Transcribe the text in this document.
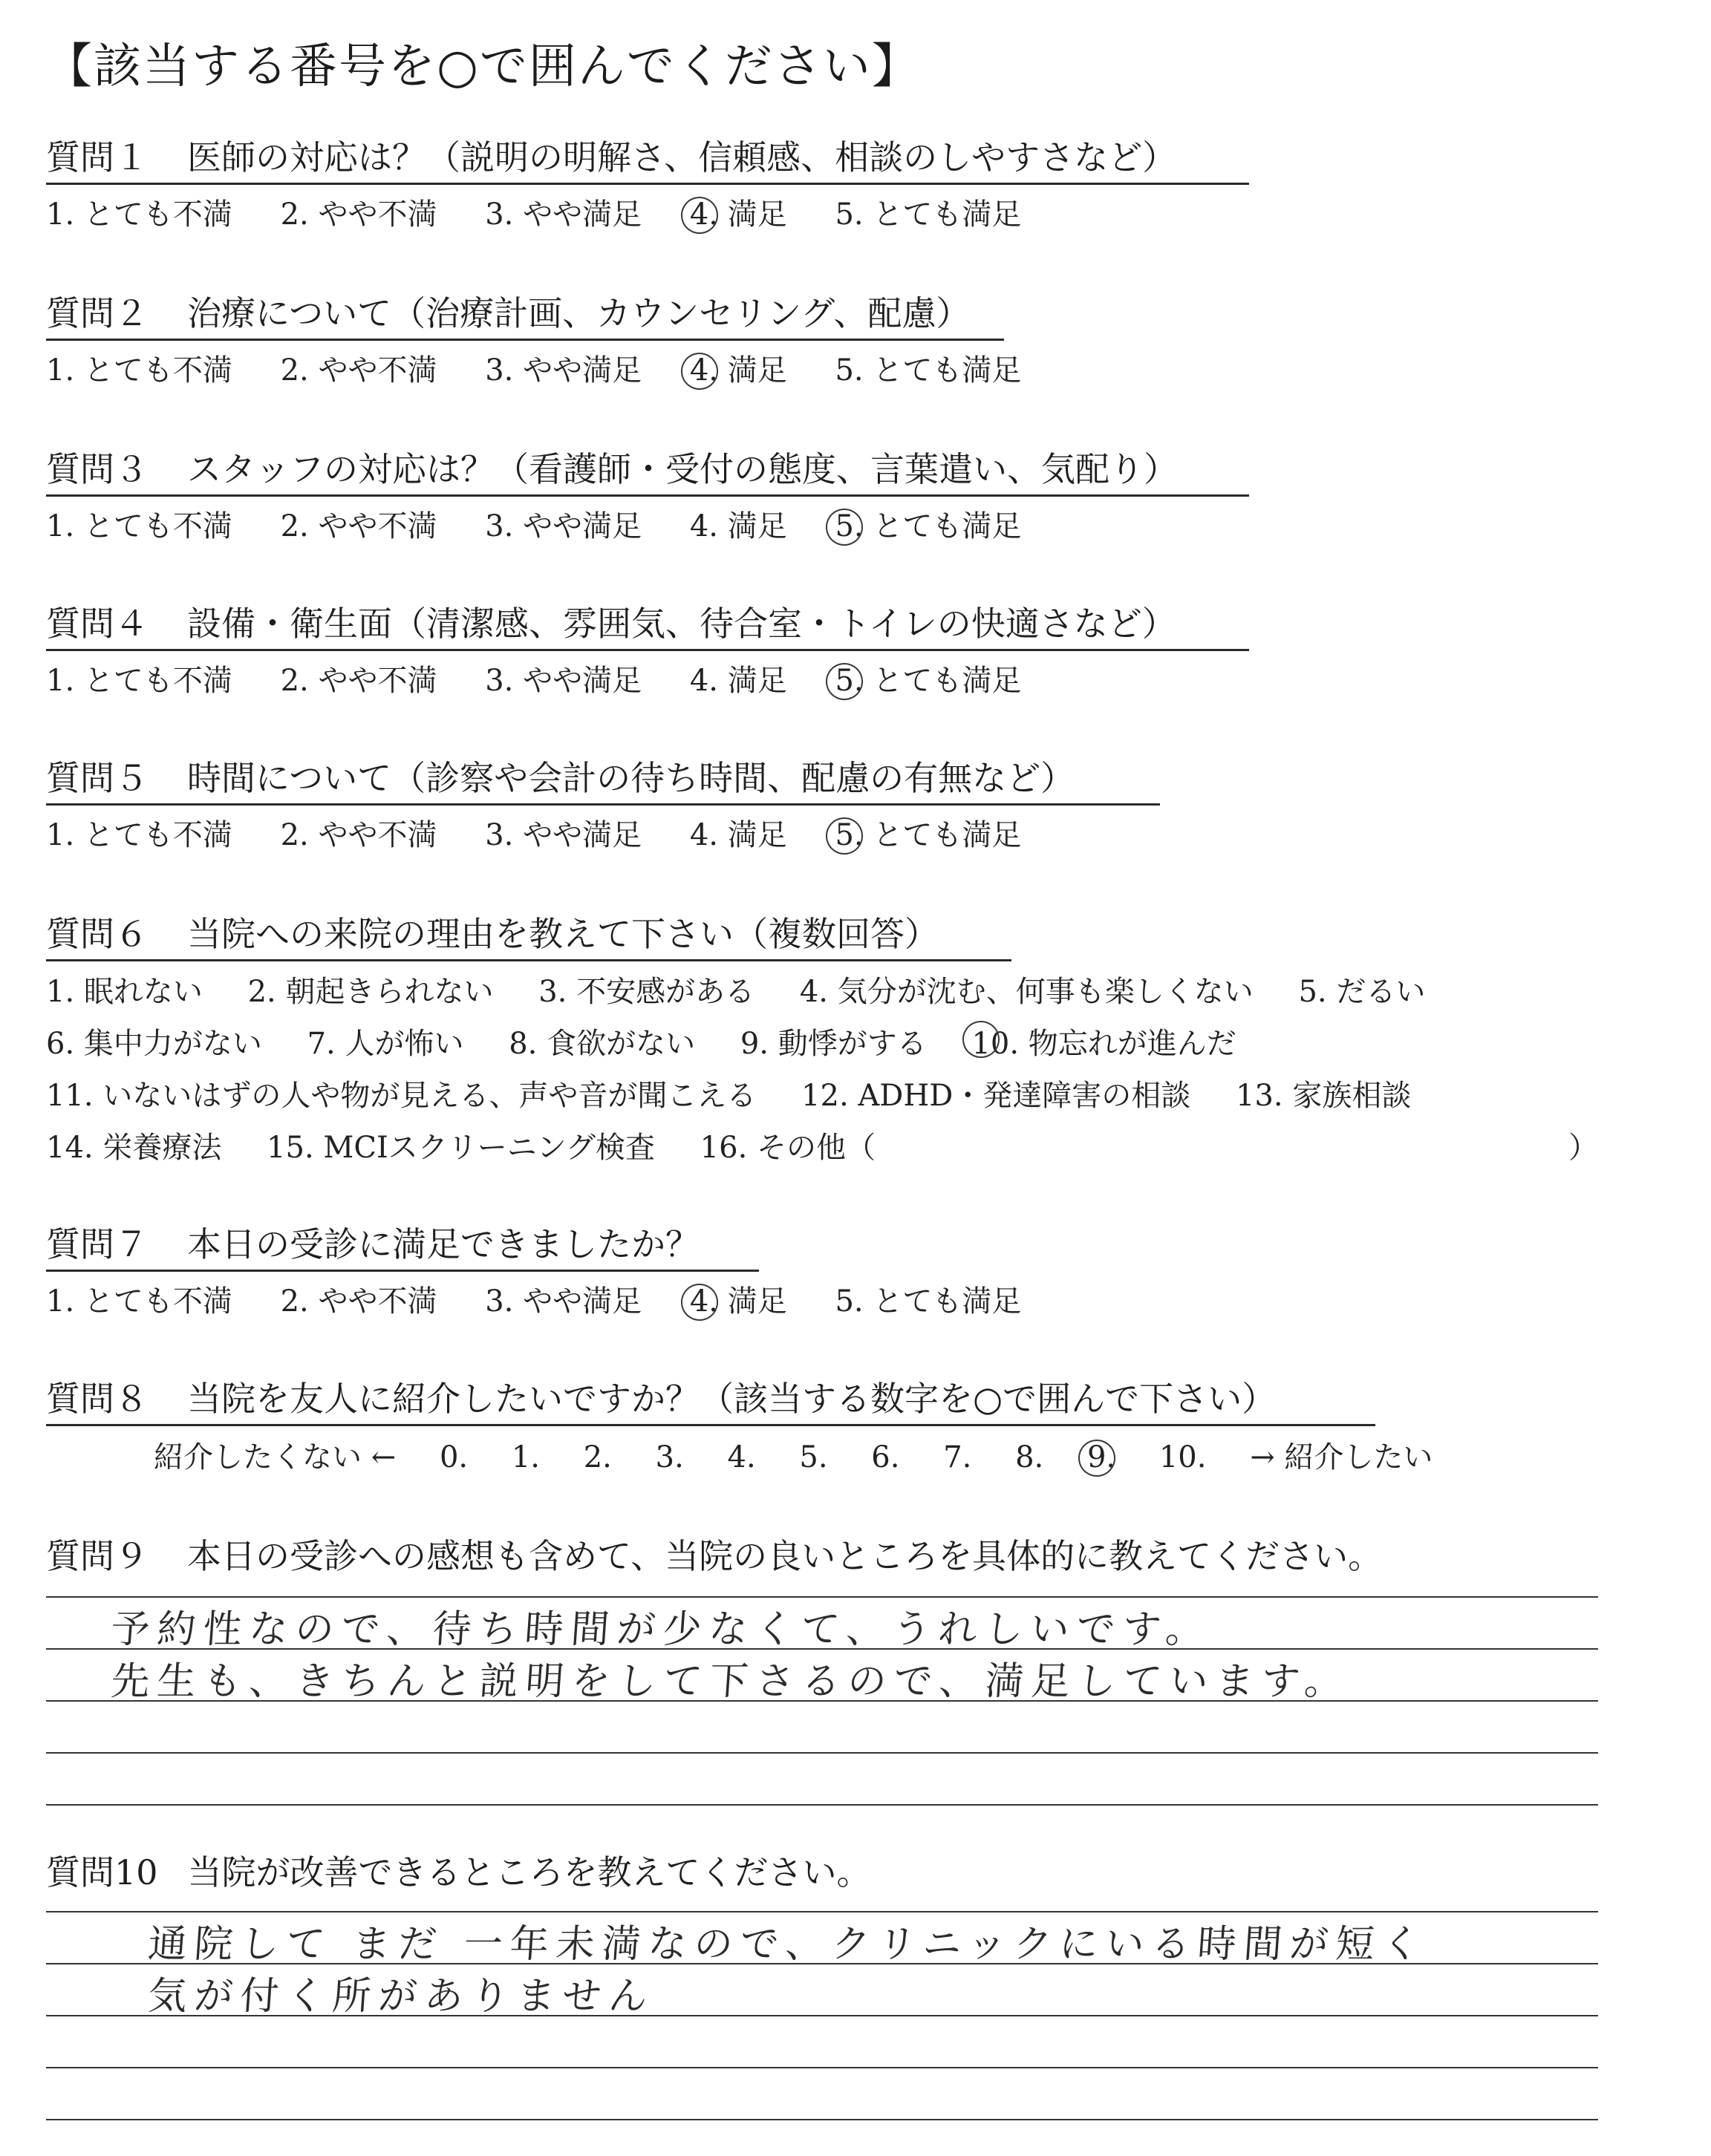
【該当する番号を○で囲んでください】
質問１ 医師の対応は？（説明の明解さ、信頼感、相談のしやすさなど）
1. とても不満 2. やや不満 3. やや満足 4. 満足 5. とても満足
質問２ 治療について（治療計画、カウンセリング、配慮）
1. とても不満 2. やや不満 3. やや満足 4. 満足 5. とても満足
質問３ スタッフの対応は？（看護師・受付の態度、言葉遣い、気配り）
1. とても不満 2. やや不満 3. やや満足 4. 満足 5. とても満足
質問４ 設備・衛生面（清潔感、雰囲気、待合室・トイレの快適さなど）
1. とても不満 2. やや不満 3. やや満足 4. 満足 5. とても満足
質問５ 時間について（診察や会計の待ち時間、配慮の有無など）
1. とても不満 2. やや不満 3. やや満足 4. 満足 5. とても満足
質問６ 当院への来院の理由を教えて下さい（複数回答）
1. 眠れない 2. 朝起きられない 3. 不安感がある 4. 気分が沈む、何事も楽しくない 5. だるい
6. 集中力がない 7. 人が怖い 8. 食欲がない 9. 動悸がする 10. 物忘れが進んだ
11. いないはずの人や物が見える、声や音が聞こえる 12. ADHD・発達障害の相談 13. 家族相談
14. 栄養療法 15. MCIスクリーニング検査 16. その他（	）
質問７ 本日の受診に満足できましたか？
1. とても不満 2. やや不満 3. やや満足 4. 満足 5. とても満足
質問８ 当院を友人に紹介したいですか？（該当する数字を○で囲んで下さい）
紹介したくない ← 0. 1. 2. 3. 4. 5. 6. 7. 8. 9. 10. → 紹介したい
質問９ 本日の受診への感想も含めて、当院の良いところを具体的に教えてください。
予約性なので、待ち時間が少なくて、うれしいです。
先生も、きちんと説明をして下さるので、満足しています。
質問10 当院が改善できるところを教えてください。
通院して まだ 一年未満なので、クリニックにいる時間が短く
気が付く所がありません
